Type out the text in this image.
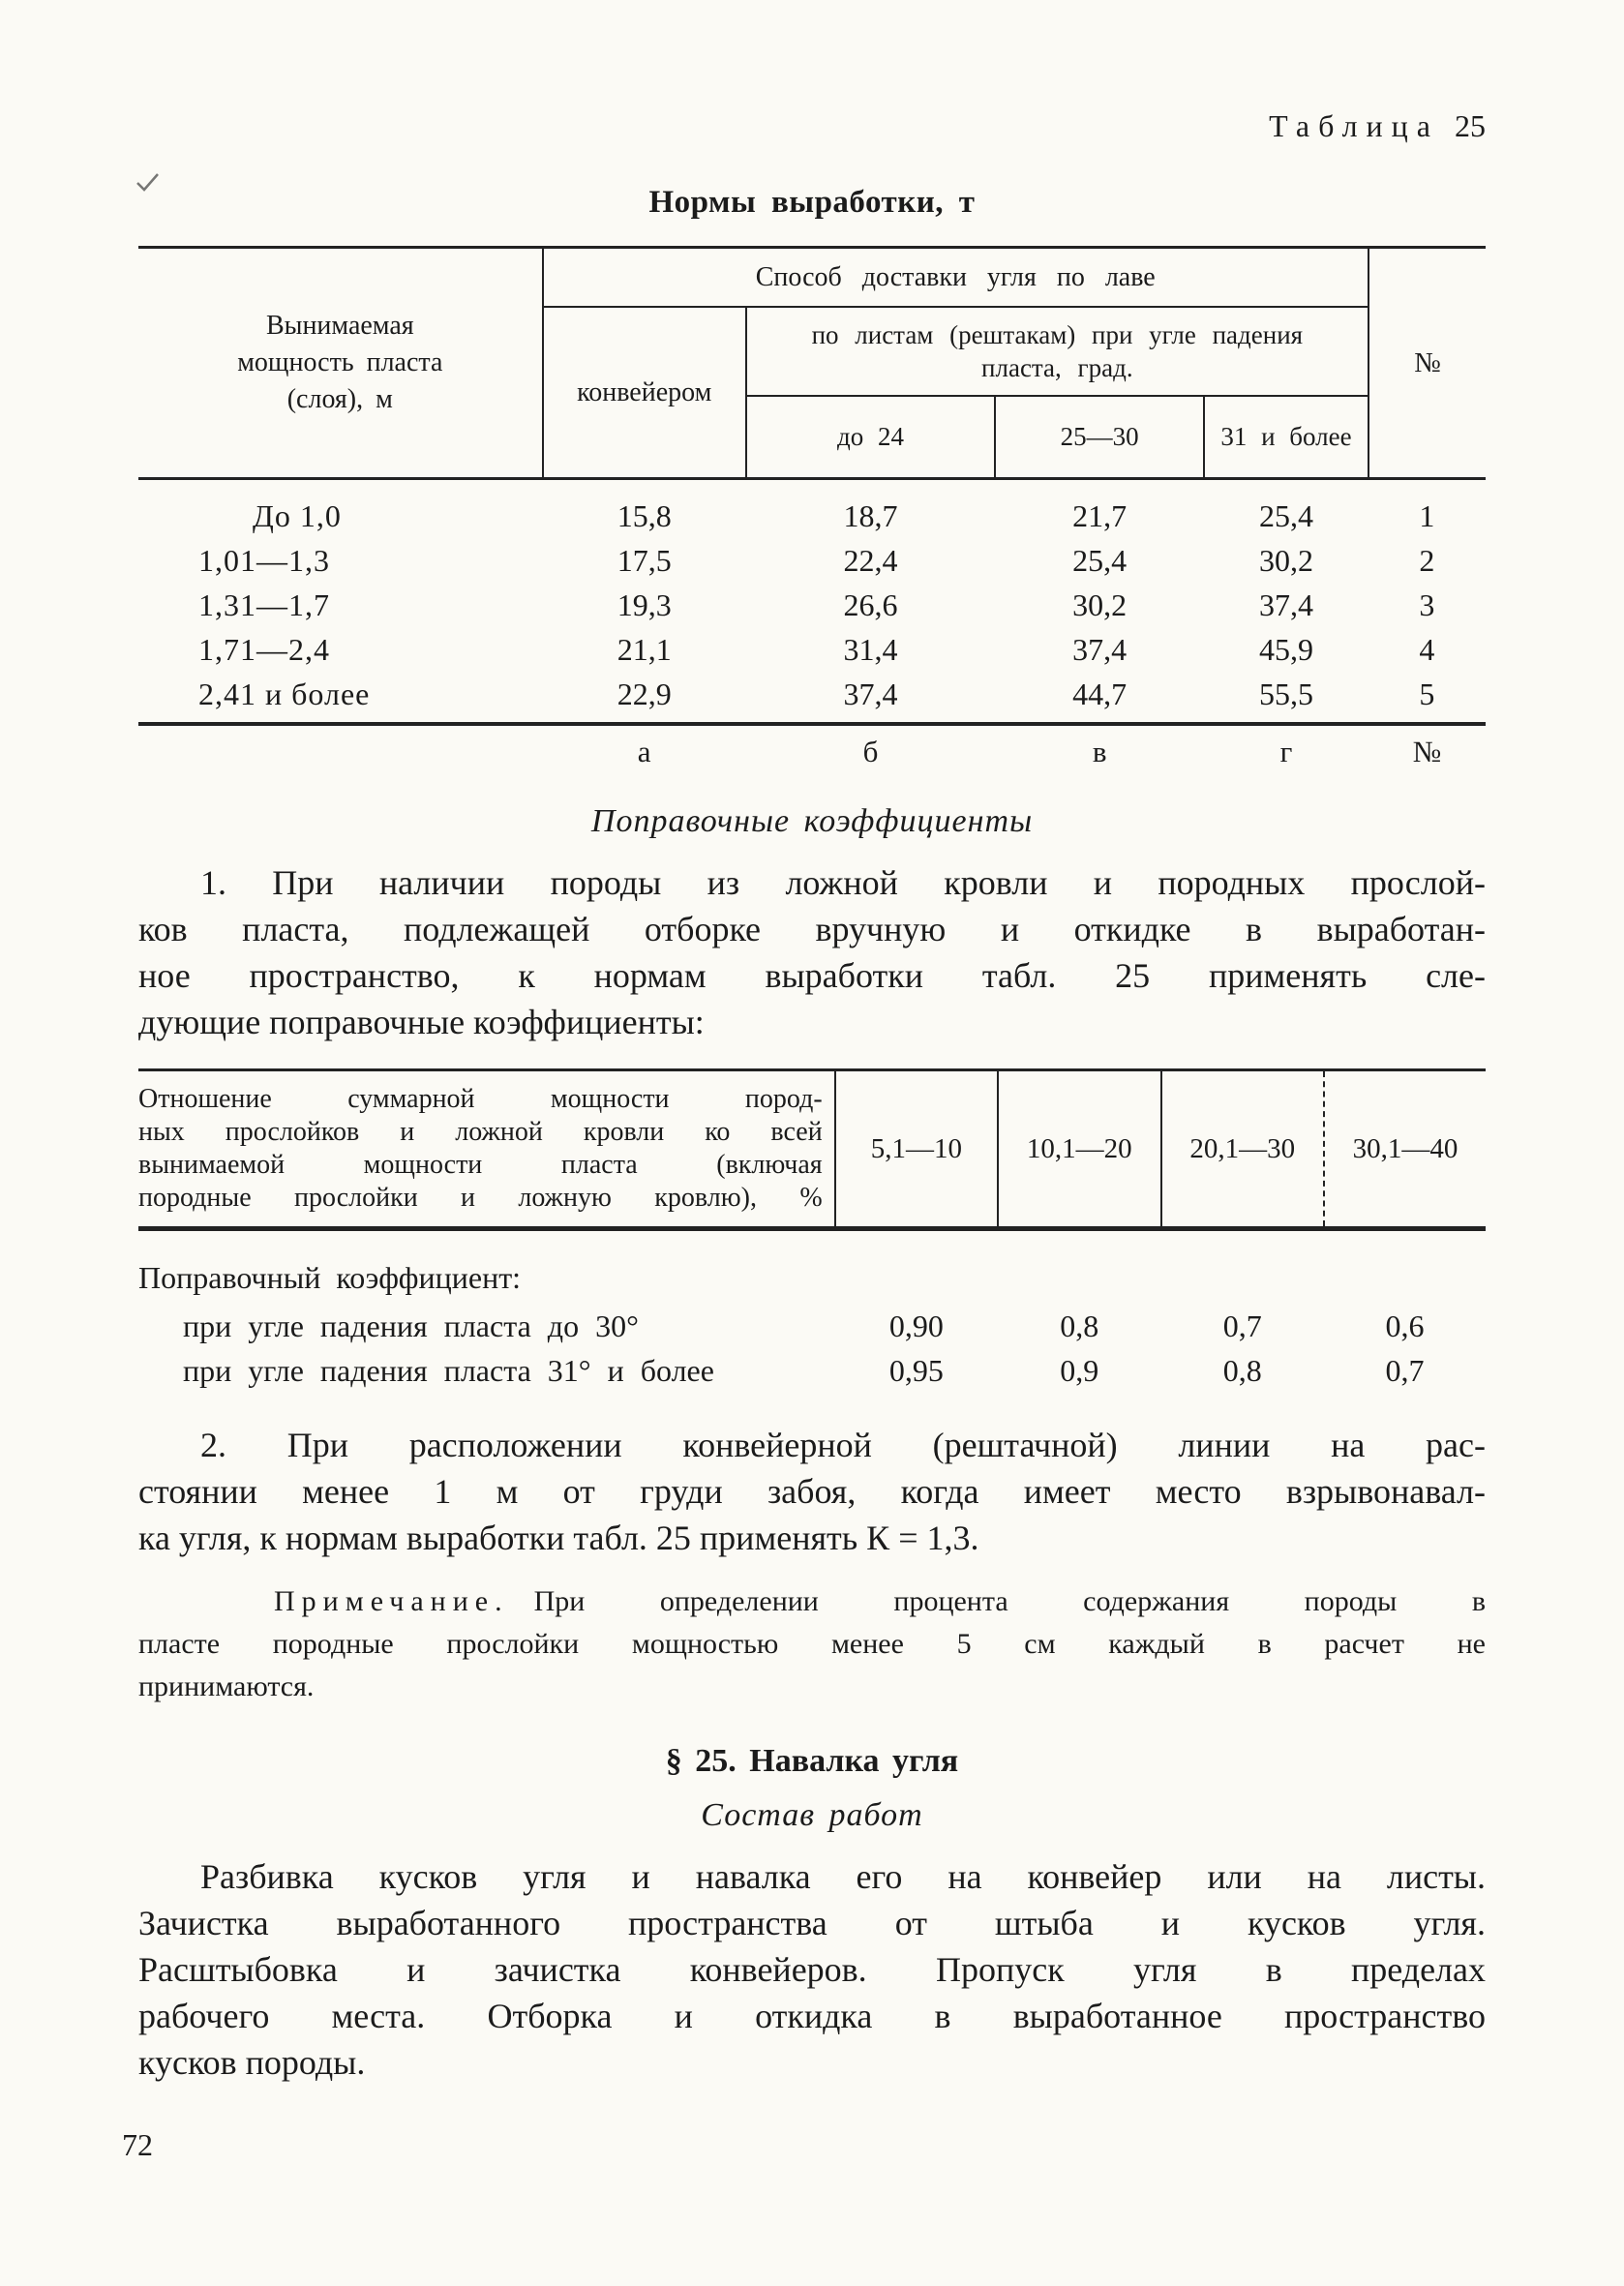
Таблица 25
Нормы выработки, т
Вынимаемая
мощность пласта
(слоя), м	Способ доставки угля по лаве				№
	конвейером	по листам (рештакам) при угле падения
пласта, град.			

		до 24	25—30	31 и более	
До 1,0	15,8	18,7	21,7	25,4	1
1,01—1,3	17,5	22,4	25,4	30,2	2
1,31—1,7	19,3	26,6	30,2	37,4	3
1,71—2,4	21,1	31,4	37,4	45,9	4
2,41 и более	22,9	37,4	44,7	55,5	5
	а	б	в	г	№
Поправочные коэффициенты
1. При наличии породы из ложной кровли и породных прослой-
ков пласта, подлежащей отборке вручную и откидке в выработан-
ное пространство, к нормам выработки табл. 25 применять сле-
дующие поправочные коэффициенты:
Отношение суммарной мощности пород-
ных прослойков и ложной кровли ко всей
вынимаемой мощности пласта (включая
породные прослойки и ложную кровлю), %
	5,1—10	10,1—20	20,1—30	30,1—40
Поправочный коэффициент:
при угле падения пласта до 30°	0,90	0,8	0,7	0,6
при угле падения пласта 31° и более	0,95	0,9	0,8	0,7
2. При расположении конвейерной (рештачной) линии на рас-
стоянии менее 1 м от груди забоя, когда имеет место взрывонавал-
ка угля, к нормам выработки табл. 25 применять К = 1,3.
Примечание. При определении процента содержания породы в
пласте породные прослойки мощностью менее 5 см каждый в расчет не
принимаются.
§ 25. Навалка угля
Состав работ
Разбивка кусков угля и навалка его на конвейер или на листы.
Зачистка выработанного пространства от штыба и кусков угля.
Расштыбовка и зачистка конвейеров. Пропуск угля в пределах
рабочего места. Отборка и откидка в выработанное пространство
кусков породы.
72
